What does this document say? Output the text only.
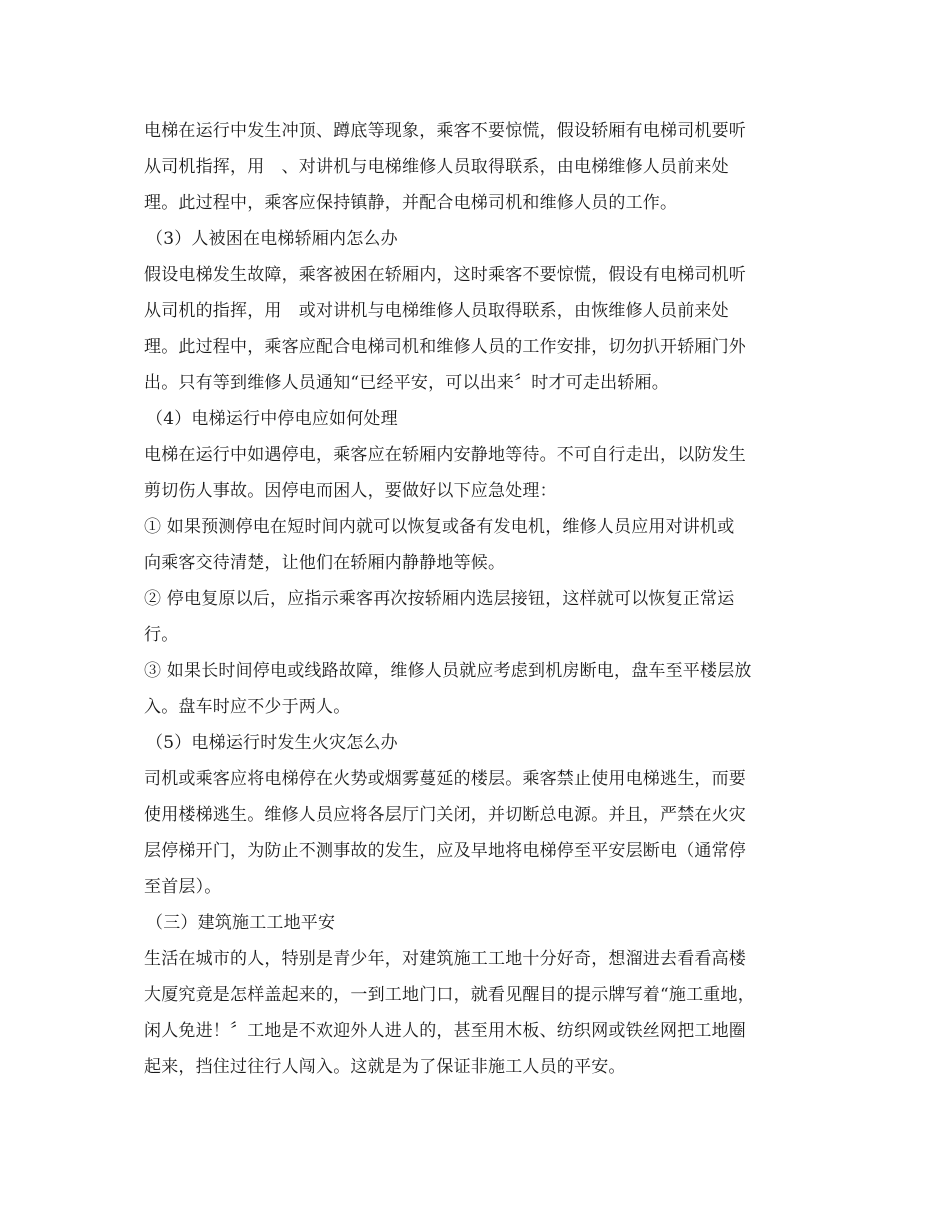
电梯在运行中发生冲顶、蹲底等现象，乘客不要惊慌，假设轿厢有电梯司机要听
从司机指挥，用　、对讲机与电梯维修人员取得联系，由电梯维修人员前来处
理。此过程中，乘客应保持镇静，并配合电梯司机和维修人员的工作。

（3）人被困在电梯轿厢内怎么办

假设电梯发生故障，乘客被困在轿厢内，这时乘客不要惊慌，假设有电梯司机听
从司机的指挥，用　或对讲机与电梯维修人员取得联系，由恢维修人员前来处
理。此过程中，乘客应配合电梯司机和维修人员的工作安排，切勿扒开轿厢门外
出。只有等到维修人员通知“已经平安，可以出来〞时才可走出轿厢。

（4）电梯运行中停电应如何处理

电梯在运行中如遇停电，乘客应在轿厢内安静地等待。不可自行走出，以防发生
剪切伤人事故。因停电而困人，要做好以下应急处理：

① 如果预测停电在短时间内就可以恢复或备有发电机，维修人员应用对讲机或
向乘客交待清楚，让他们在轿厢内静静地等候。

② 停电复原以后，应指示乘客再次按轿厢内选层接钮，这样就可以恢复正常运
行。

③ 如果长时间停电或线路故障，维修人员就应考虑到机房断电，盘车至平楼层放
入。盘车时应不少于两人。

（5）电梯运行时发生火灾怎么办

司机或乘客应将电梯停在火势或烟雾蔓延的楼层。乘客禁止使用电梯逃生，而要
使用楼梯逃生。维修人员应将各层厅门关闭，并切断总电源。并且，严禁在火灾
层停梯开门，为防止不测事故的发生，应及早地将电梯停至平安层断电（通常停
至首层）。

（三）建筑施工工地平安

生活在城市的人，特别是青少年，对建筑施工工地十分好奇，想溜进去看看高楼
大厦究竟是怎样盖起来的，一到工地门口，就看见醒目的提示牌写着“施工重地，
闲人免进！〞工地是不欢迎外人进人的，甚至用木板、纺织网或铁丝网把工地圈
起来，挡住过往行人闯入。这就是为了保证非施工人员的平安。
